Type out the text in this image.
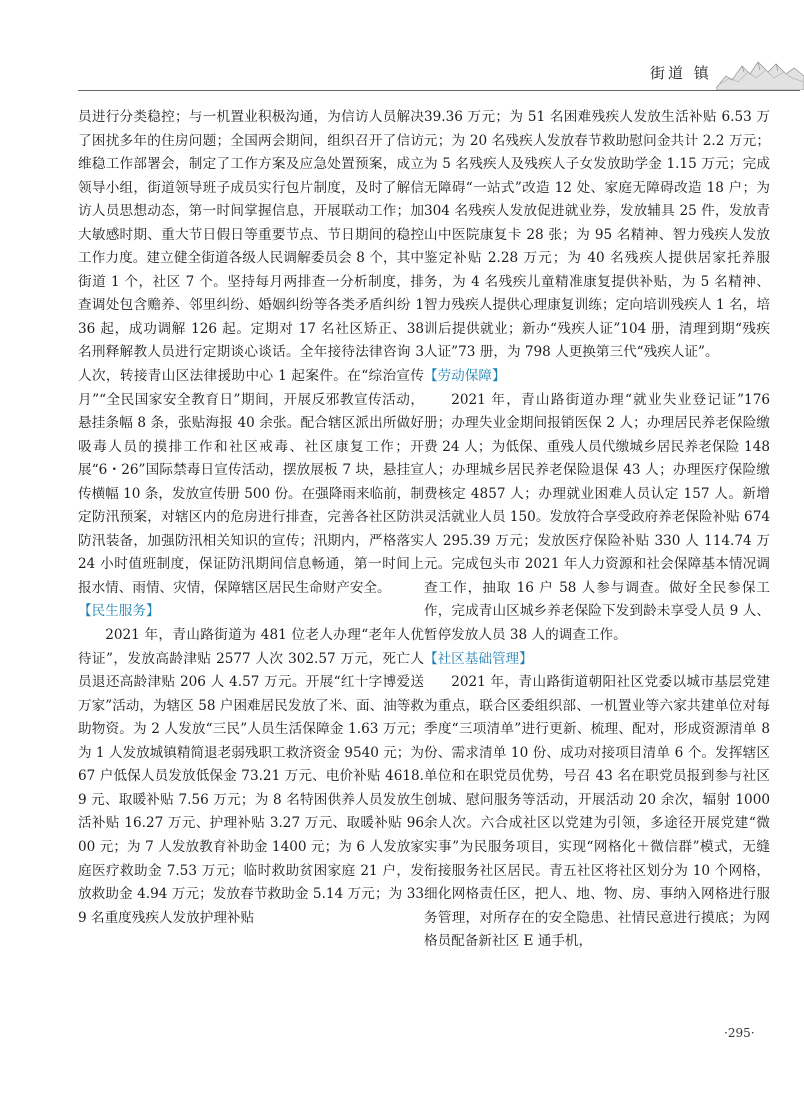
街道 镇

员进行分类稳控；与一机置业积极沟通，为信访人员解决了困扰多年的住房问题；全国两会期间，组织召开了信访维稳工作部署会，制定了工作方案及应急处置预案，成立领导小组，街道领导班子成员实行包片制度，及时了解信访人员思想动态，第一时间掌握信息，开展联动工作；加大敏感时期、重大节日假日等重要节点、节日期间的稳控工作力度。建立健全街道各级人民调解委员会 8 个，其中街道 1 个，社区 7 个。坚持每月两排查一分析制度，排查调处包含赡养、邻里纠纷、婚姻纠纷等各类矛盾纠纷 136 起，成功调解 126 起。定期对 17 名社区矫正、38 名刑释解教人员进行定期谈心谈话。全年接待法律咨询 3 人次，转接青山区法律援助中心 1 起案件。在“综治宣传月”“全民国家安全教育日”期间，开展反邪教宣传活动，悬挂条幅 8 条，张贴海报 40 余张。配合辖区派出所做好吸毒人员的摸排工作和社区戒毒、社区康复工作；开展“6・26”国际禁毒日宣传活动，摆放展板 7 块，悬挂宣传横幅 10 条，发放宣传册 500 份。在强降雨来临前，制定防汛预案，对辖区内的危房进行排查，完善各社区防洪防汛装备，加强防汛相关知识的宣传；汛期内，严格落实 24 小时值班制度，保证防汛期间信息畅通，第一时间上报水情、雨情、灾情，保障辖区居民生命财产安全。

【民生服务】

2021 年，青山路街道为 481 位老人办理“老年人优待证”，发放高龄津贴 2577 人次 302.57 万元，死亡人员退还高龄津贴 206 人 4.57 万元。开展“红十字博爱送万家”活动，为辖区 58 户困难居民发放了米、面、油等救助物资。为 2 人发放“三民”人员生活保障金 1.63 万元；为 1 人发放城镇精简退老弱残职工救济资金 9540 元；为 67 户低保人员发放低保金 73.21 万元、电价补贴 4618.9 元、取暖补贴 7.56 万元；为 8 名特困供养人员发放生活补贴 16.27 万元、护理补贴 3.27 万元、取暖补贴 9600 元；为 7 人发放教育补助金 1400 元；为 6 人发放家庭医疗救助金 7.53 万元；临时救助贫困家庭 21 户，发放救助金 4.94 万元；发放春节救助金 5.14 万元；为 339 名重度残疾人发放护理补贴

39.36 万元；为 51 名困难残疾人发放生活补贴 6.53 万元；为 20 名残疾人发放春节救助慰问金共计 2.2 万元；为 5 名残疾人及残疾人子女发放助学金 1.15 万元；完成无障碍“一站式”改造 12 处、家庭无障碍改造 18 户；为 304 名残疾人发放促进就业券，发放辅具 25 件，发放青山中医院康复卡 28 张；为 95 名精神、智力残疾人发放鉴定补贴 2.28 万元；为 40 名残疾人提供居家托养服务，为 4 名残疾儿童精准康复提供补贴，为 5 名精神、智力残疾人提供心理康复训练；定向培训残疾人 1 名，培训后提供就业；新办“残疾人证”104 册，清理到期“残疾人证”73 册，为 798 人更换第三代“残疾人证”。

【劳动保障】

2021 年，青山路街道办理“就业失业登记证”176 册；办理失业金期间报销医保 2 人；办理居民养老保险缴费 24 人；为低保、重残人员代缴城乡居民养老保险 148 人；办理城乡居民养老保险退保 43 人；办理医疗保险缴费核定 4857 人；办理就业困难人员认定 157 人。新增灵活就业人员 150。发放符合享受政府养老保险补贴 674 人 295.39 万元；发放医疗保险补贴 330 人 114.74 万元。完成包头市 2021 年人力资源和社会保障基本情况调查工作，抽取 16 户 58 人参与调查。做好全民参保工作，完成青山区城乡养老保险下发到龄未享受人员 9 人、暂停发放人员 38 人的调查工作。

【社区基础管理】

2021 年，青山路街道朝阳社区党委以城市基层党建为重点，联合区委组织部、一机置业等六家共建单位对每季度“三项清单”进行更新、梳理、配对，形成资源清单 8 份、需求清单 10 份、成功对接项目清单 6 个。发挥辖区单位和在职党员优势，号召 43 名在职党员报到参与社区创城、慰问服务等活动，开展活动 20 余次，辐射 1000 余人次。六合成社区以党建为引领，多途径开展党建“微实事”为民服务项目，实现“网格化＋微信群”模式，无缝衔接服务社区居民。青五社区将社区划分为 10 个网格，细化网格责任区，把人、地、物、房、事纳入网格进行服务管理，对所存在的安全隐患、社情民意进行摸底；为网格员配备新社区 E 通手机，

·295·
